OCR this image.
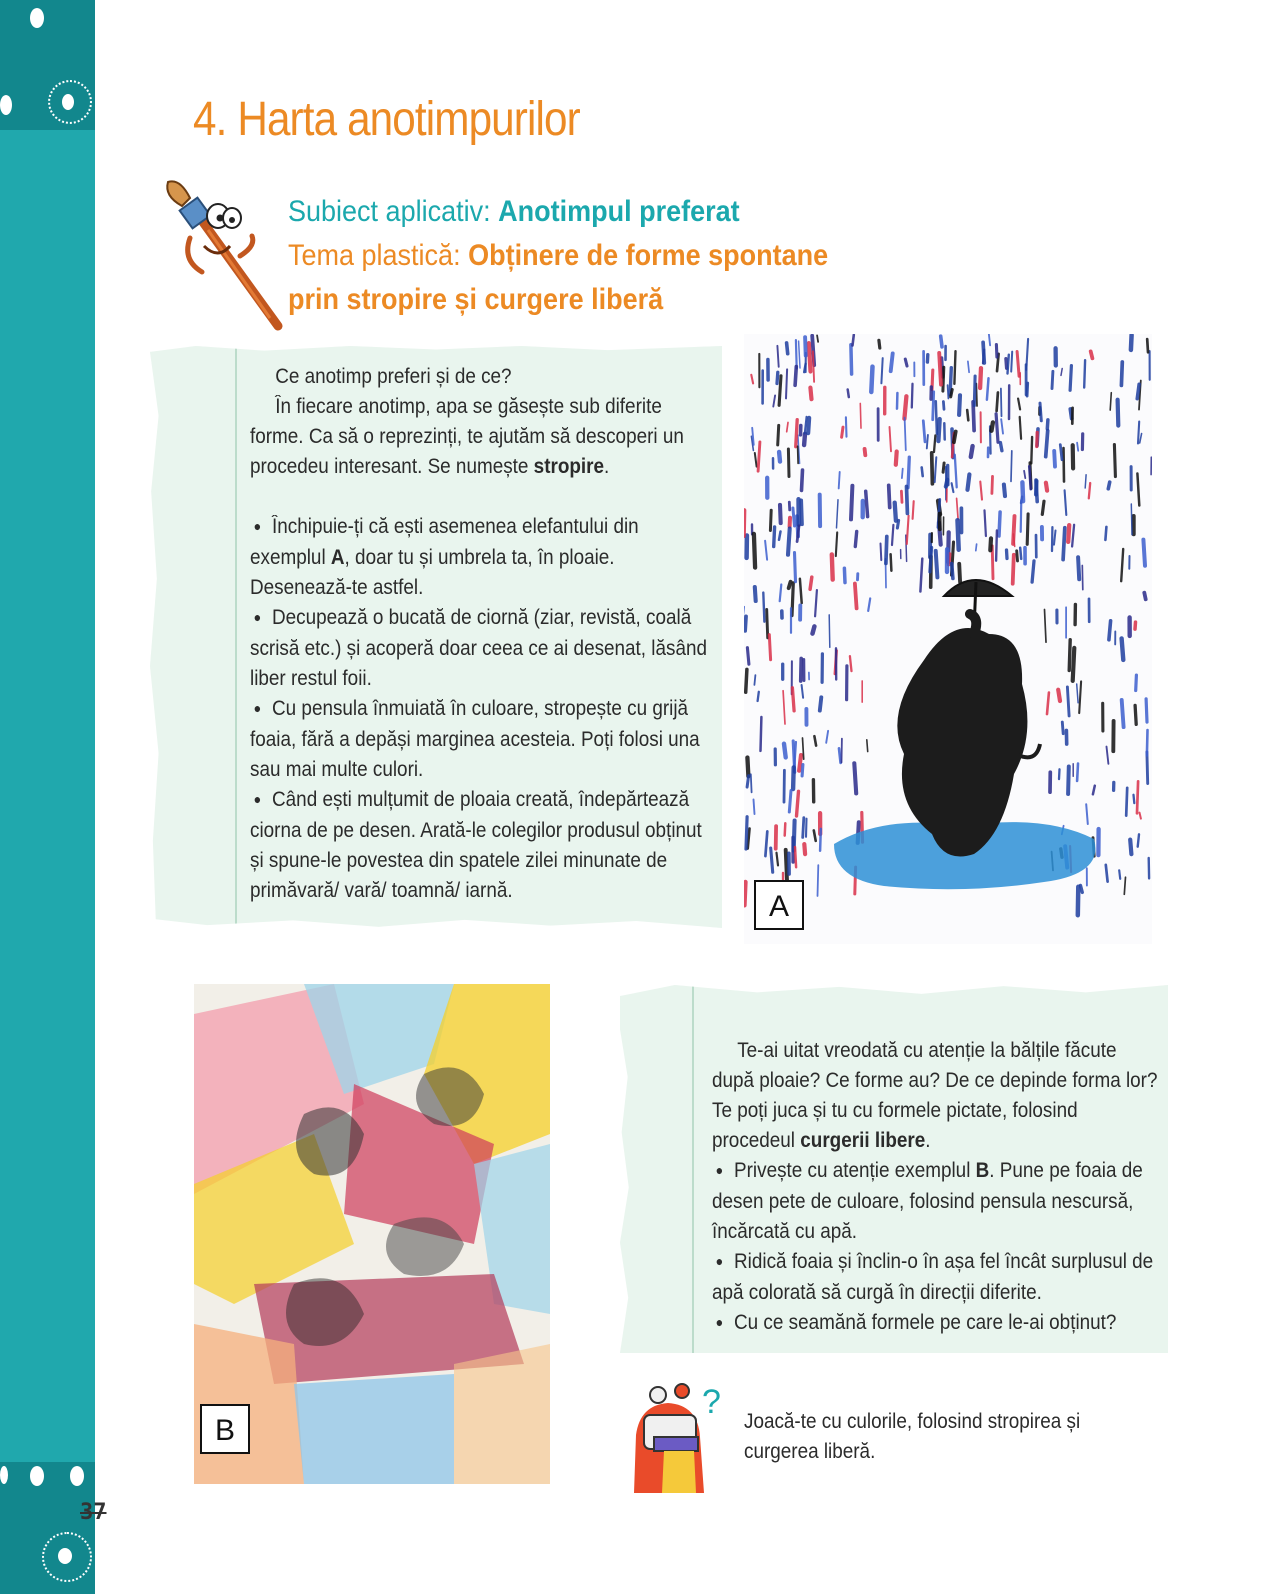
37
4. Harta anotimpurilor
Subiect aplicativ: Anotimpul preferat
Tema plastică: Obținere de forme spontane
prin stropire și curgere liberă

Ce anotimp preferi și de ce?

În fiecare anotimp, apa se găsește sub diferite forme. Ca să o reprezinți, te ajutăm să descoperi un procedeu interesant. Se numește stropire.

● Închipuie-ți că ești asemenea elefantului din exemplul A, doar tu și umbrela ta, în ploaie. Desenează-te astfel.

● Decupează o bucată de ciornă (ziar, revistă, coală scrisă etc.) și acoperă doar ceea ce ai desenat, lăsând liber restul foii.

● Cu pensula înmuiată în culoare, stropește cu grijă foaia, fără a depăși marginea acesteia. Poți folosi una sau mai multe culori.

● Când ești mulțumit de ploaia creată, îndepărtează ciorna de pe desen. Arată-le colegilor produsul obținut și spune-le povestea din spatele zilei minunate de primăvară/ vară/ toamnă/ iarnă.	A
B

Te-ai uitat vreodată cu atenție la bălțile făcute după ploaie? Ce forme au? De ce depinde forma lor? Te poți juca și tu cu formele pictate, folosind procedeul curgerii libere.

● Privește cu atenție exemplul B. Pune pe foaia de desen pete de culoare, folosind pensula nescursă, încărcată cu apă.

● Ridică foaia și înclin-o în așa fel încât surplusul de apă colorată să curgă în direcții diferite.

● Cu ce seamănă formele pe care le-ai obținut?

?

Joacă-te cu culorile, folosind stropirea și curgerea liberă.
